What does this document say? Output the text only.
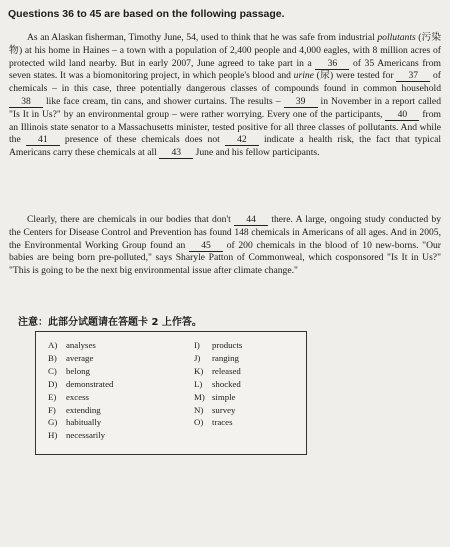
Questions 36 to 45 are based on the following passage.

As an Alaskan fisherman, Timothy June, 54, used to think that he was safe from industrial pollutants (污染物) at his home in Haines – a town with a population of 2,400 people and 4,000 eagles, with 8 million acres of protected wild land nearby. But in early 2007, June agreed to take part in a 36 of 35 Americans from seven states. It was a biomonitoring project, in which people's blood and urine (尿) were tested for 37 of chemicals – in this case, three potentially dangerous classes of compounds found in common household 38 like face cream, tin cans, and shower curtains. The results – 39 in November in a report called "Is It in Us?" by an environmental group – were rather worrying. Every one of the participants, 40 from an Illinois state senator to a Massachusetts minister, tested positive for all three classes of pollutants. And while the 41 presence of these chemicals does not 42 indicate a health risk, the fact that typical Americans carry these chemicals at all 43 June and his fellow participants.

Clearly, there are chemicals in our bodies that don't 44 there. A large, ongoing study conducted by the Centers for Disease Control and Prevention has found 148 chemicals in Americans of all ages. And in 2005, the Environmental Working Group found an 45 of 200 chemicals in the blood of 10 new-borns. "Our babies are being born pre-polluted," says Sharyle Patton of Commonweal, which cosponsored "Is It in Us?" "This is going to be the next big environmental issue after climate change."

注意：此部分试题请在答题卡 2 上作答。
A) analyses
B) average
C) belong
D) demonstrated
E) excess
F) extending
G) habitually
H) necessarily
I) products
J) ranging
K) released
L) shocked
M) simple
N) survey
O) traces
